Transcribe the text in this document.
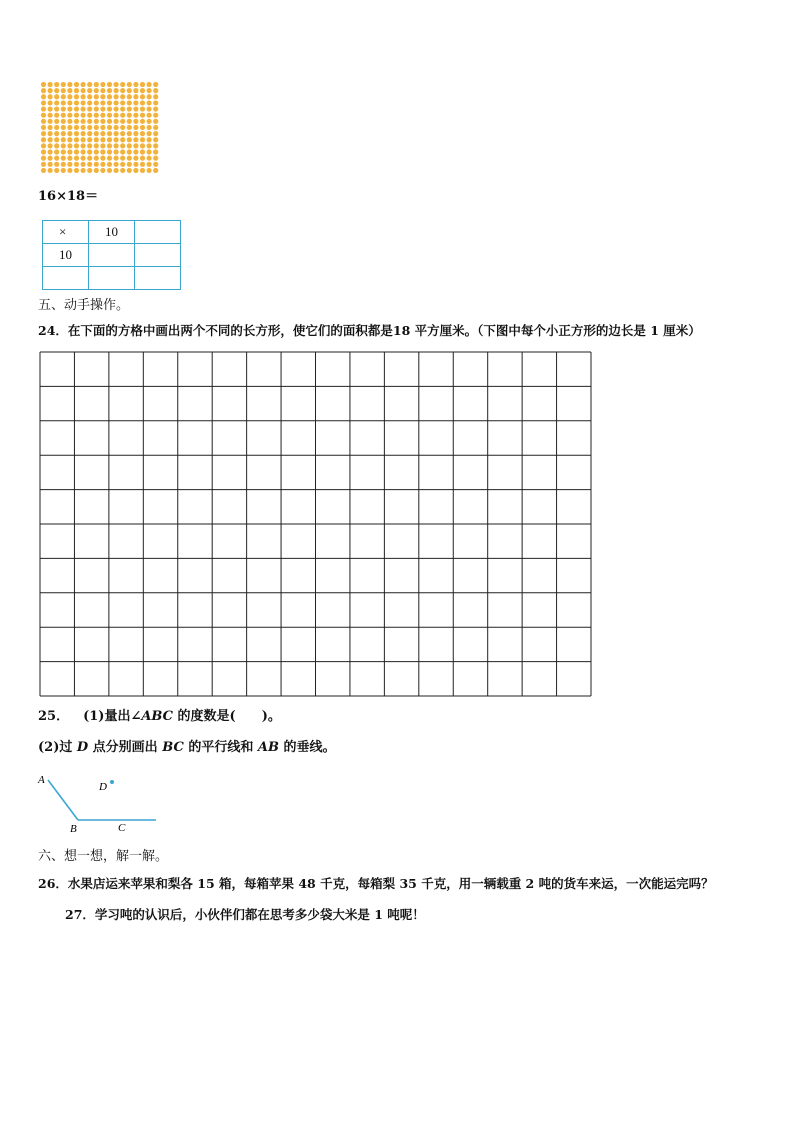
16×18＝
×	10	
10		

五、动手操作。
24．在下面的方格中画出两个不同的长方形，使它们的面积都是18 平方厘米。（下图中每个小正方形的边长是 1 厘米）
25． (1)量出∠ABC 的度数是(　　)。
(2)过 D 点分别画出 BC 的平行线和 AB 的垂线。
A
B	C
D
六、想一想，解一解。
26．水果店运来苹果和梨各 15 箱，每箱苹果 48 千克，每箱梨 35 千克，用一辆载重 2 吨的货车来运，一次能运完吗？
27．学习吨的认识后，小伙伴们都在思考多少袋大米是 1 吨呢！
